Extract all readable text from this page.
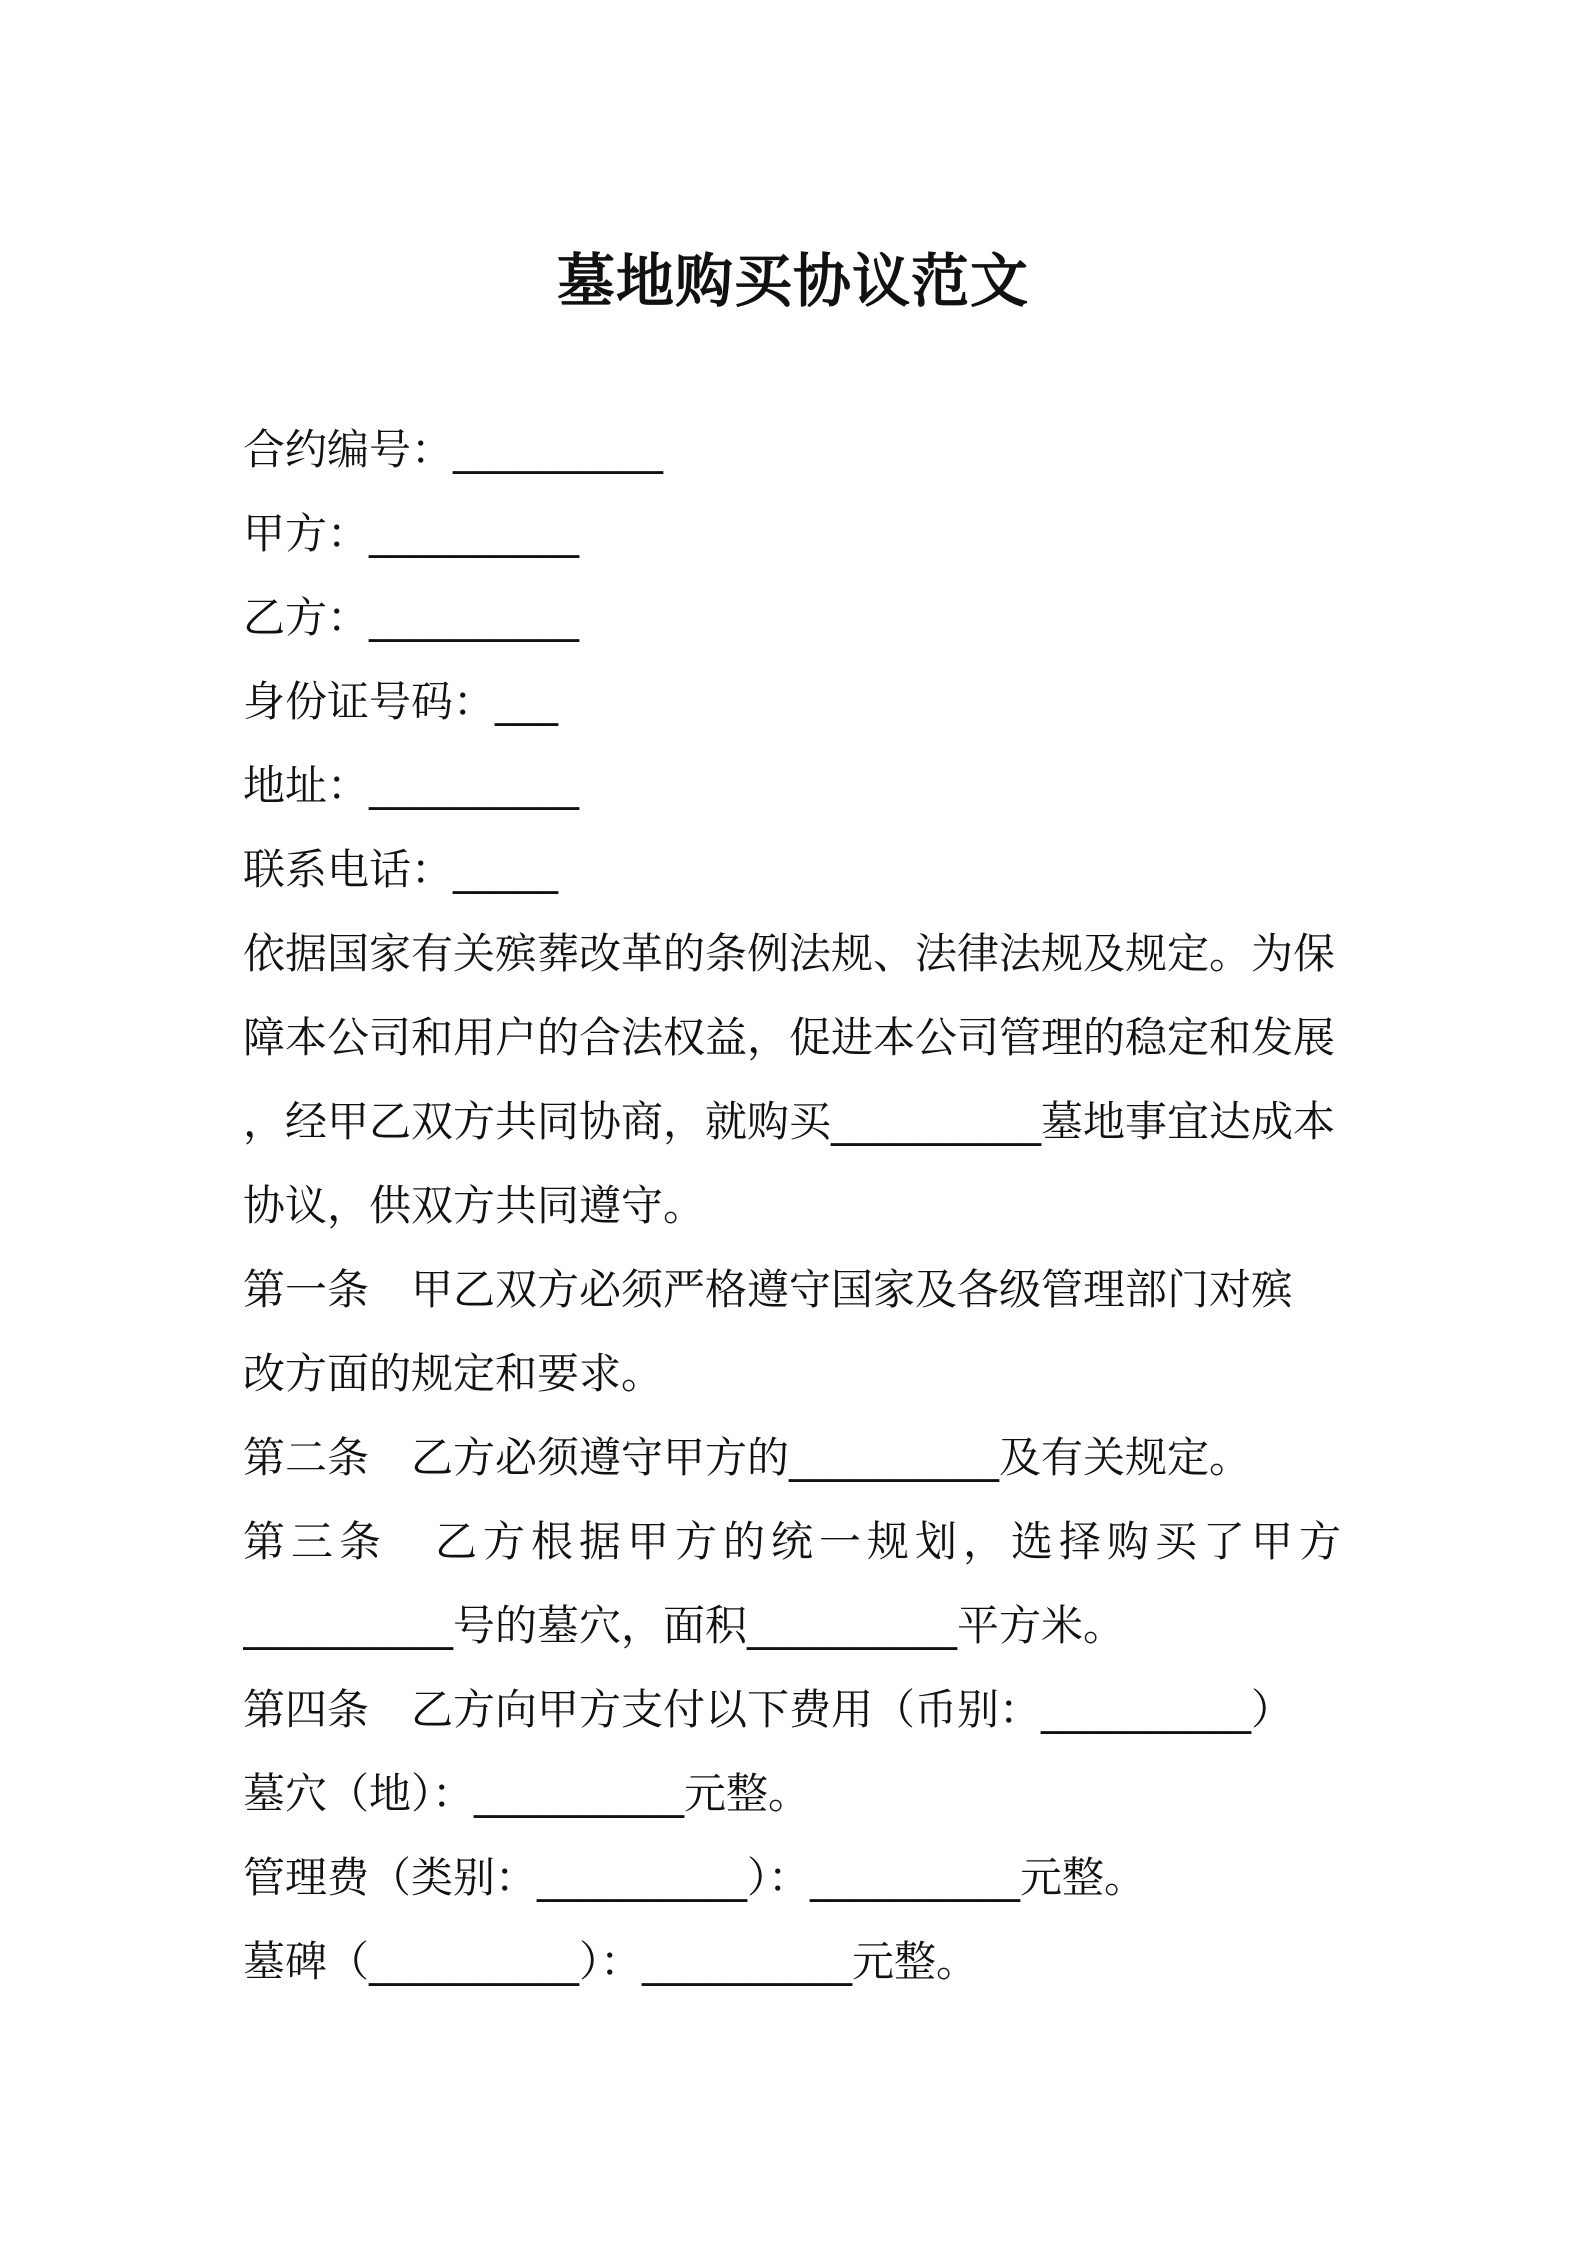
墓地购买协议范文
合约编号：__________
甲方：__________
乙方：__________
身份证号码：___
地址：__________
联系电话：_____
依据国家有关殡葬改革的条例法规、法律法规及规定。为保
障本公司和用户的合法权益，促进本公司管理的稳定和发展
，经甲乙双方共同协商，就购买__________墓地事宜达成本
协议，供双方共同遵守。
第一条　甲乙双方必须严格遵守国家及各级管理部门对殡
改方面的规定和要求。
第二条　乙方必须遵守甲方的__________及有关规定。
第三条　乙方根据甲方的统一规划，选择购买了甲方
__________号的墓穴，面积__________平方米。
第四条　乙方向甲方支付以下费用（币别：__________）
墓穴（地）：__________元整。
管理费（类别：__________）：__________元整。
墓碑（__________）：__________元整。
